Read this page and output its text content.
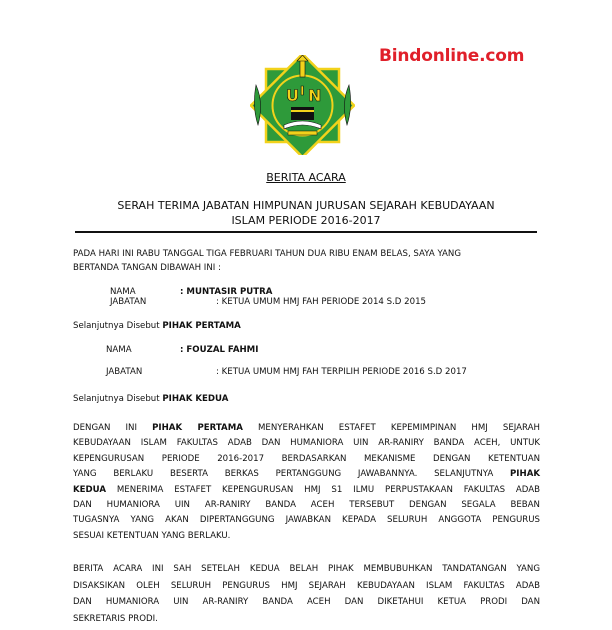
Bindonline.com
U I N
BERITA ACARA
SERAH TERIMA JABATAN HIMPUNAN JURUSAN SEJARAH KEBUDAYAAN
ISLAM PERIODE 2016-2017
PADA HARI INI RABU TANGGAL TIGA FEBRUARI TAHUN DUA RIBU ENAM BELAS, SAYA YANG
BERTANDA TANGAN DIBAWAH INI :
NAMA	: MUNTASIR PUTRA
JABATAN	: KETUA UMUM HMJ FAH PERIODE 2014 S.D 2015
Selanjutnya Disebut PIHAK PERTAMA
NAMA	: FOUZAL FAHMI
JABATAN	: KETUA UMUM HMJ FAH TERPILIH PERIODE 2016 S.D 2017
Selanjutnya Disebut PIHAK KEDUA
DENGAN INI PIHAK PERTAMA MENYERAHKAN ESTAFET KEPEMIMPINAN HMJ SEJARAH
KEBUDAYAAN ISLAM FAKULTAS ADAB DAN HUMANIORA UIN AR-RANIRY BANDA ACEH, UNTUK
KEPENGURUSAN PERIODE 2016-2017 BERDASARKAN MEKANISME DENGAN KETENTUAN
YANG BERLAKU BESERTA BERKAS PERTANGGUNG JAWABANNYA. SELANJUTNYA PIHAK
KEDUA MENERIMA ESTAFET KEPENGURUSAN HMJ S1 ILMU PERPUSTAKAAN FAKULTAS ADAB
DAN HUMANIORA UIN AR-RANIRY BANDA ACEH TERSEBUT DENGAN SEGALA BEBAN
TUGASNYA YANG AKAN DIPERTANGGUNG JAWABKAN KEPADA SELURUH ANGGOTA PENGURUS
SESUAI KETENTUAN YANG BERLAKU.
BERITA ACARA INI SAH SETELAH KEDUA BELAH PIHAK MEMBUBUHKAN TANDATANGAN YANG
DISAKSIKAN OLEH SELURUH PENGURUS HMJ SEJARAH KEBUDAYAAN ISLAM FAKULTAS ADAB
DAN HUMANIORA UIN AR-RANIRY BANDA ACEH DAN DIKETAHUI KETUA PRODI DAN
SEKRETARIS PRODI.
